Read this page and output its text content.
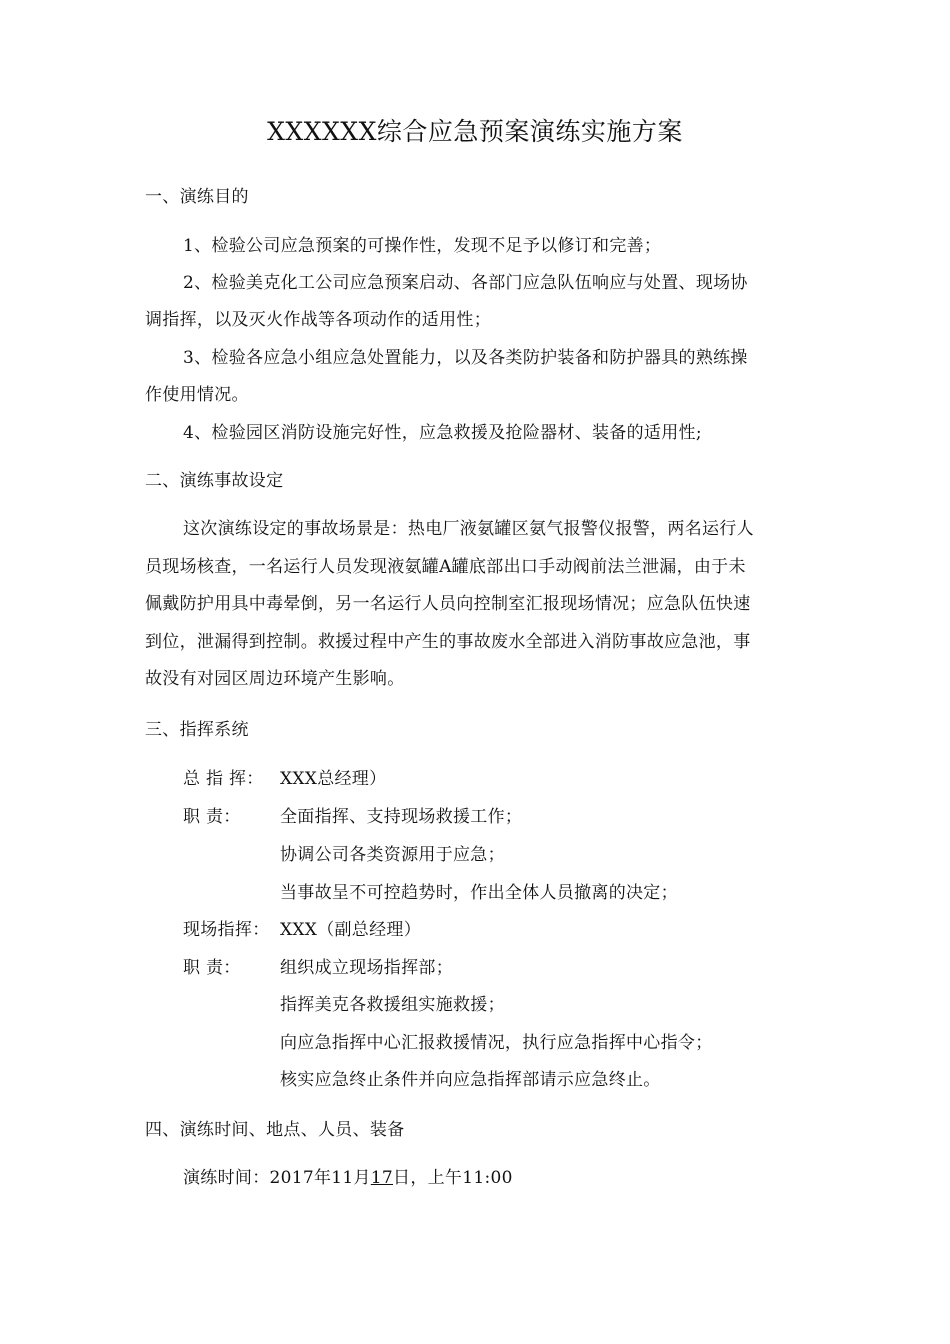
XXXXXX综合应急预案演练实施方案
一、演练目的
1、检验公司应急预案的可操作性，发现不足予以修订和完善；
2、检验美克化工公司应急预案启动、各部门应急队伍响应与处置、现场协
调指挥，以及灭火作战等各项动作的适用性；
3、检验各应急小组应急处置能力，以及各类防护装备和防护器具的熟练操
作使用情况。
4、检验园区消防设施完好性，应急救援及抢险器材、装备的适用性;
二、演练事故设定
这次演练设定的事故场景是：热电厂液氨罐区氨气报警仪报警，两名运行人
员现场核查，一名运行人员发现液氨罐A罐底部出口手动阀前法兰泄漏，由于未
佩戴防护用具中毒晕倒，另一名运行人员向控制室汇报现场情况；应急队伍快速
到位，泄漏得到控制。救援过程中产生的事故废水全部进入消防事故应急池，事
故没有对园区周边环境产生影响。
三、指挥系统
总 指 挥： XXX总经理）
职 责： 全面指挥、支持现场救援工作；
协调公司各类资源用于应急；
当事故呈不可控趋势时，作出全体人员撤离的决定；
现场指挥： XXX（副总经理）
职 责： 组织成立现场指挥部；
指挥美克各救援组实施救援；
向应急指挥中心汇报救援情况，执行应急指挥中心指令；
核实应急终止条件并向应急指挥部请示应急终止。
四、演练时间、地点、人员、装备
演练时间：2017年11月17日，上午11:00
